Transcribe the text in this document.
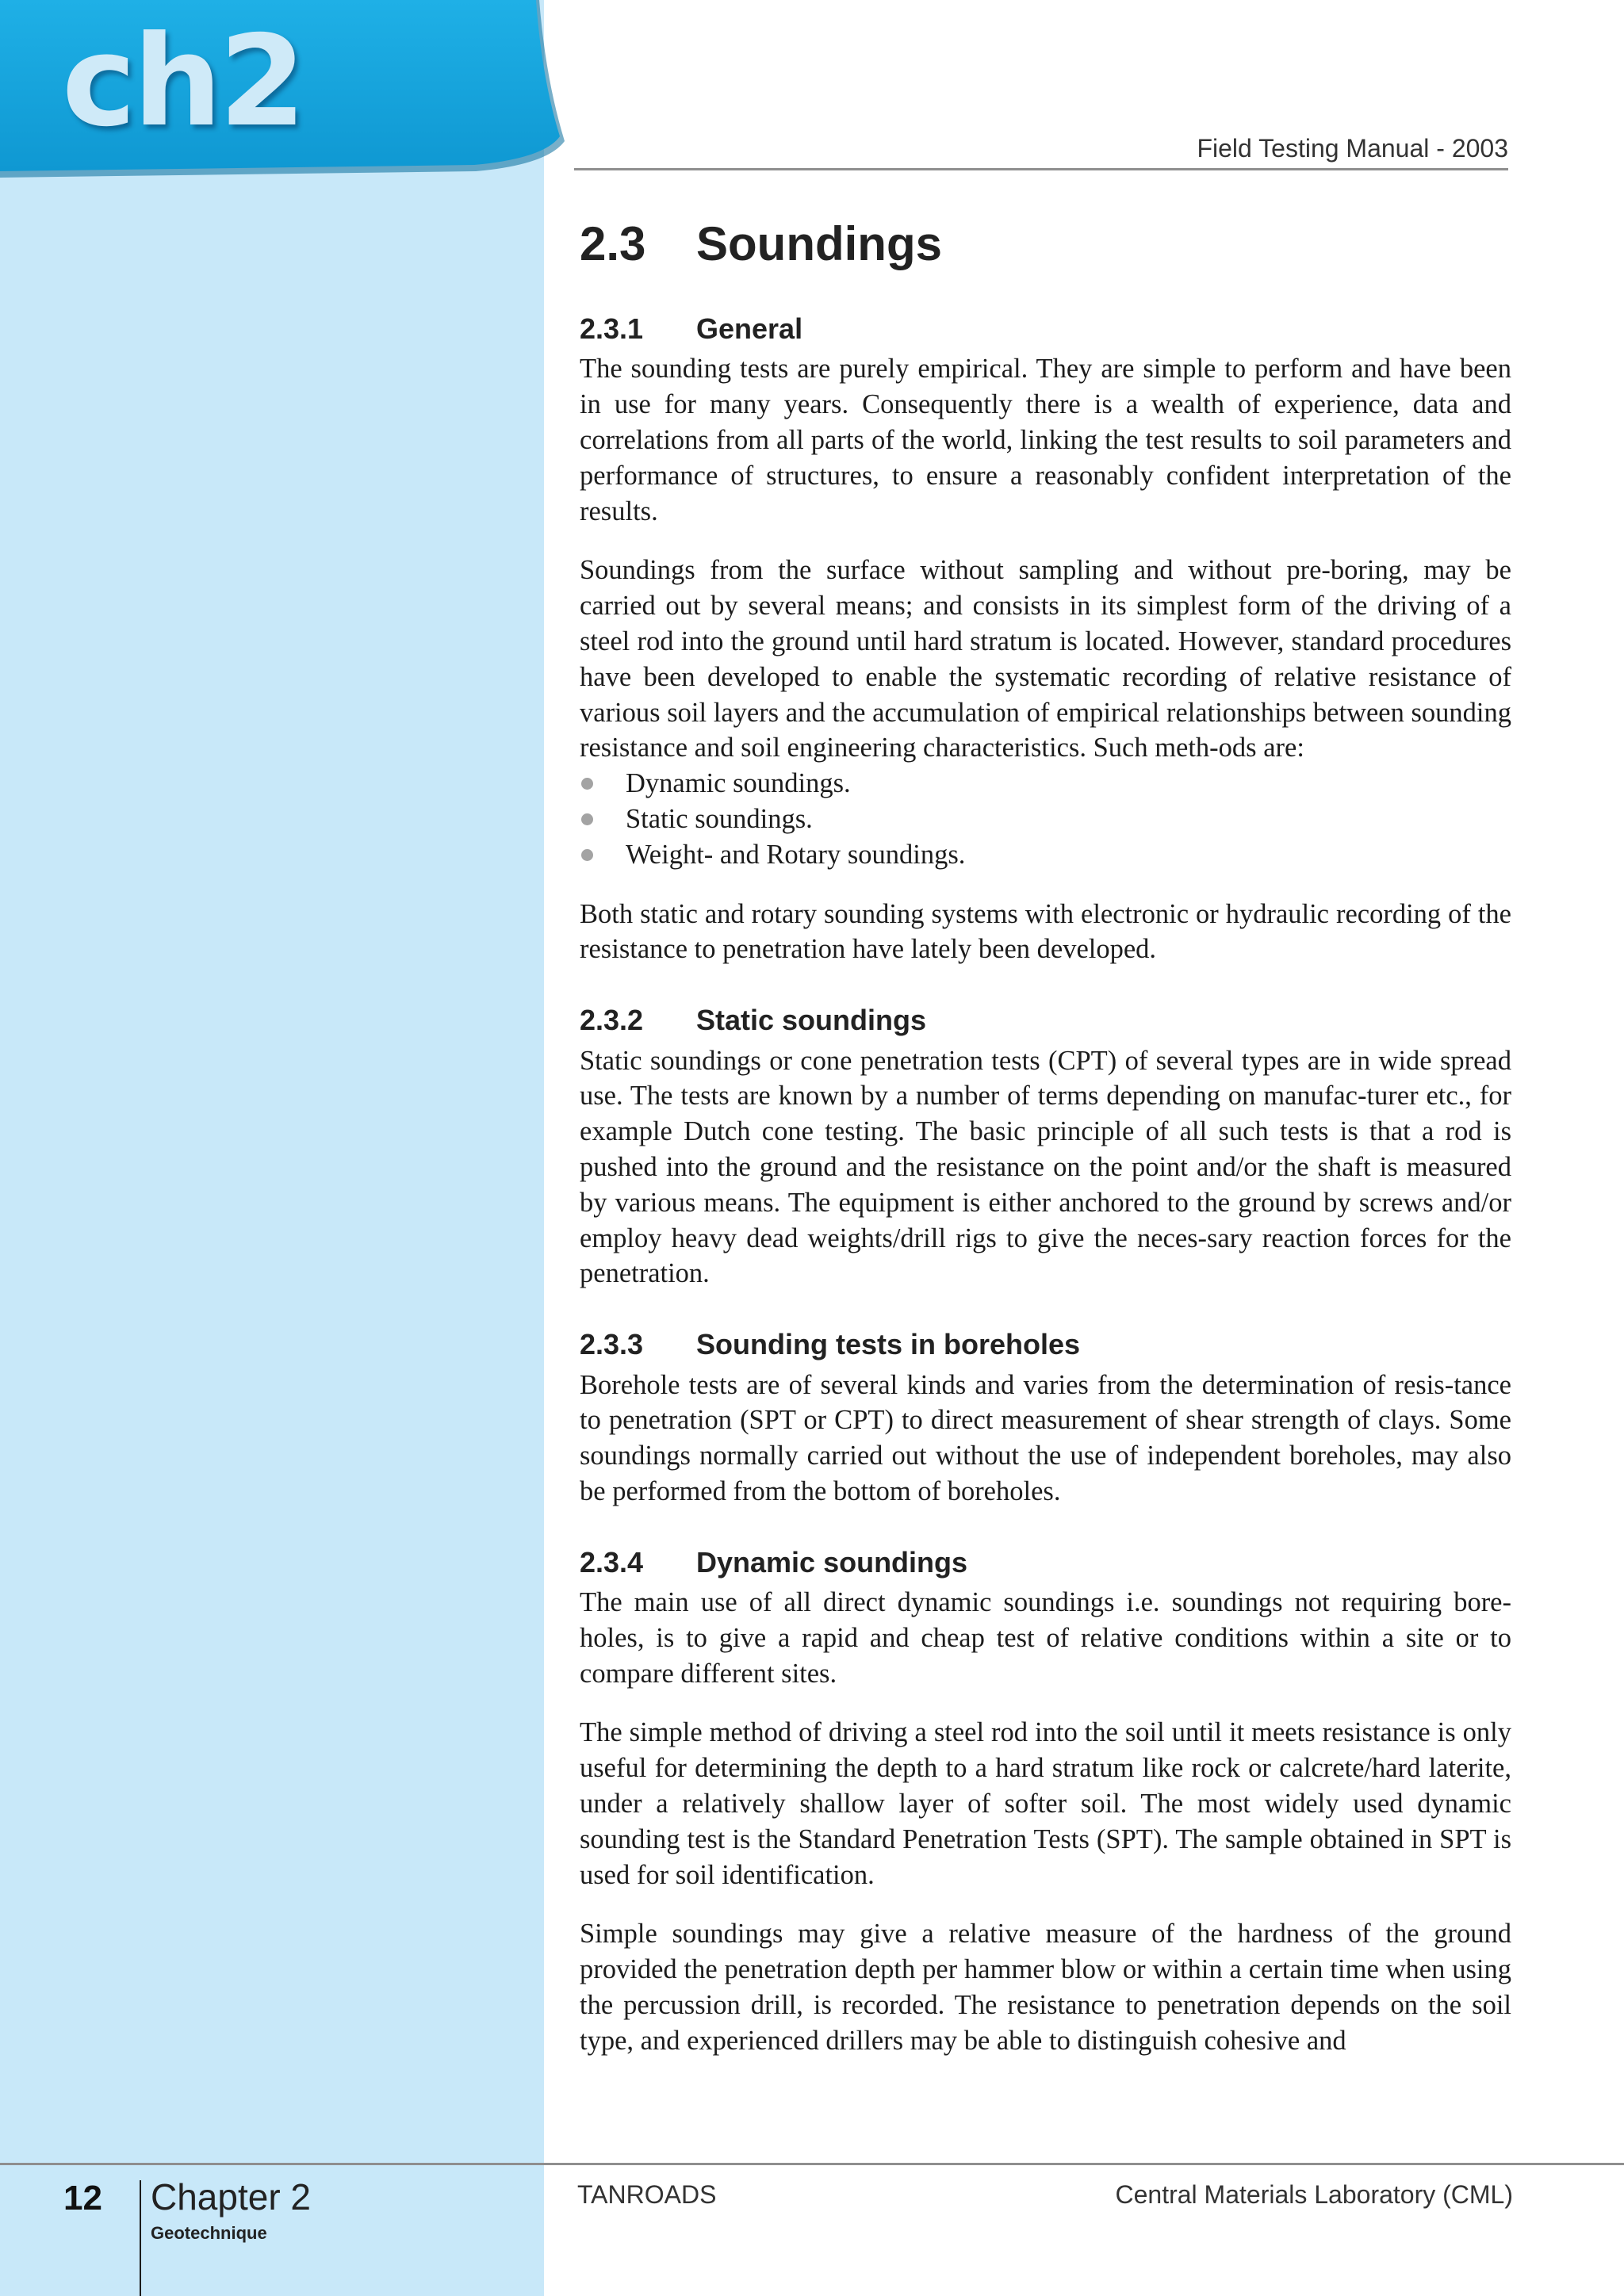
ch2	Field Testing Manual - 2003
2.3 Soundings
2.3.1 General

The sounding tests are purely empirical. They are simple to perform and have been in use for many years. Consequently there is a wealth of experience, data and correlations from all parts of the world, linking the test results to soil parameters and performance of structures, to ensure a reasonably confident interpretation of the results.

Soundings from the surface without sampling and without pre-boring, may be carried out by several means; and consists in its simplest form of the driving of a steel rod into the ground until hard stratum is located. However, standard procedures have been developed to enable the systematic recording of relative resistance of various soil layers and the accumulation of empirical relationships between sounding resistance and soil engineering characteristics. Such meth-ods are:

Dynamic soundings.
Static soundings.
Weight- and Rotary soundings.

Both static and rotary sounding systems with electronic or hydraulic recording of the resistance to penetration have lately been developed.

2.3.2 Static soundings

Static soundings or cone penetration tests (CPT) of several types are in wide spread use. The tests are known by a number of terms depending on manufac-turer etc., for example Dutch cone testing. The basic principle of all such tests is that a rod is pushed into the ground and the resistance on the point and/or the shaft is measured by various means. The equipment is either anchored to the ground by screws and/or employ heavy dead weights/drill rigs to give the neces-sary reaction forces for the penetration.

2.3.3 Sounding tests in boreholes

Borehole tests are of several kinds and varies from the determination of resis-tance to penetration (SPT or CPT) to direct measurement of shear strength of clays. Some soundings normally carried out without the use of independent boreholes, may also be performed from the bottom of boreholes.

2.3.4 Dynamic soundings

The main use of all direct dynamic soundings i.e. soundings not requiring bore-holes, is to give a rapid and cheap test of relative conditions within a site or to compare different sites.

The simple method of driving a steel rod into the soil until it meets resistance is only useful for determining the depth to a hard stratum like rock or calcrete/hard laterite, under a relatively shallow layer of softer soil. The most widely used dynamic sounding test is the Standard Penetration Tests (SPT). The sample obtained in SPT is used for soil identification.

Simple soundings may give a relative measure of the hardness of the ground provided the penetration depth per hammer blow or within a certain time when using the percussion drill, is recorded. The resistance to penetration depends on the soil type, and experienced drillers may be able to distinguish cohesive and

12 Chapter 2
Geotechnique
TANROADS	Central Materials Laboratory (CML)
